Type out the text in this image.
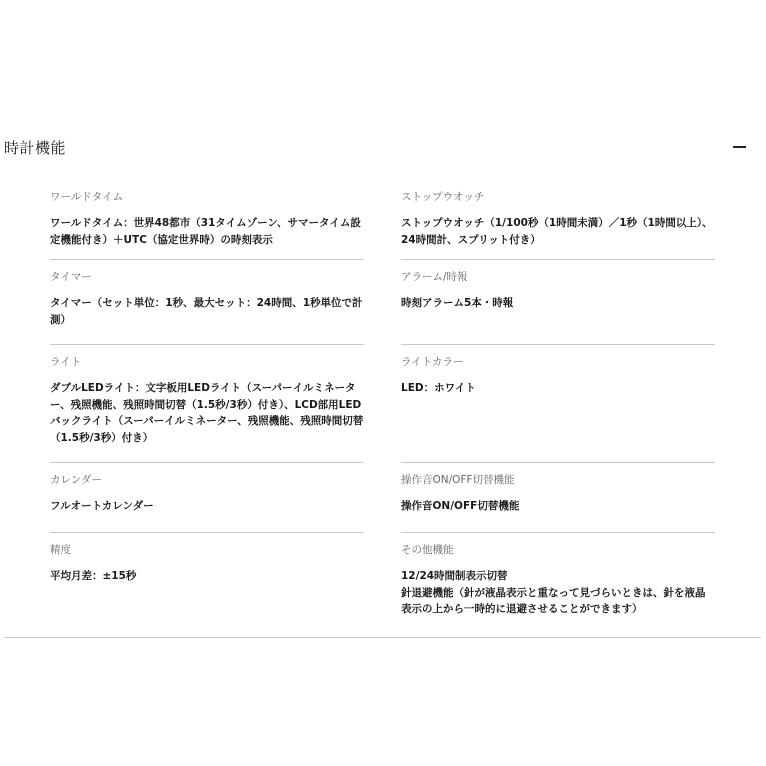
時計機能
ワールドタイム
ワールドタイム：世界48都市（31タイムゾーン、サマータイム設定機能付き）＋UTC（協定世界時）の時刻表示
ストップウオッチ
ストップウオッチ（1/100秒（1時間未満）／1秒（1時間以上）、24時間計、スプリット付き）
タイマー
タイマー（セット単位：1秒、最大セット：24時間、1秒単位で計測）
アラーム/時報
時刻アラーム5本・時報
ライト
ダブルLEDライト：文字板用LEDライト（スーパーイルミネーター、残照機能、残照時間切替（1.5秒/3秒）付き）、LCD部用LEDバックライト（スーパーイルミネーター、残照機能、残照時間切替（1.5秒/3秒）付き）
ライトカラー
LED：ホワイト
カレンダー
フルオートカレンダー
操作音ON/OFF切替機能
操作音ON/OFF切替機能
精度
平均月差：±15秒
その他機能
12/24時間制表示切替
針退避機能（針が液晶表示と重なって見づらいときは、針を液晶表示の上から一時的に退避させることができます）
